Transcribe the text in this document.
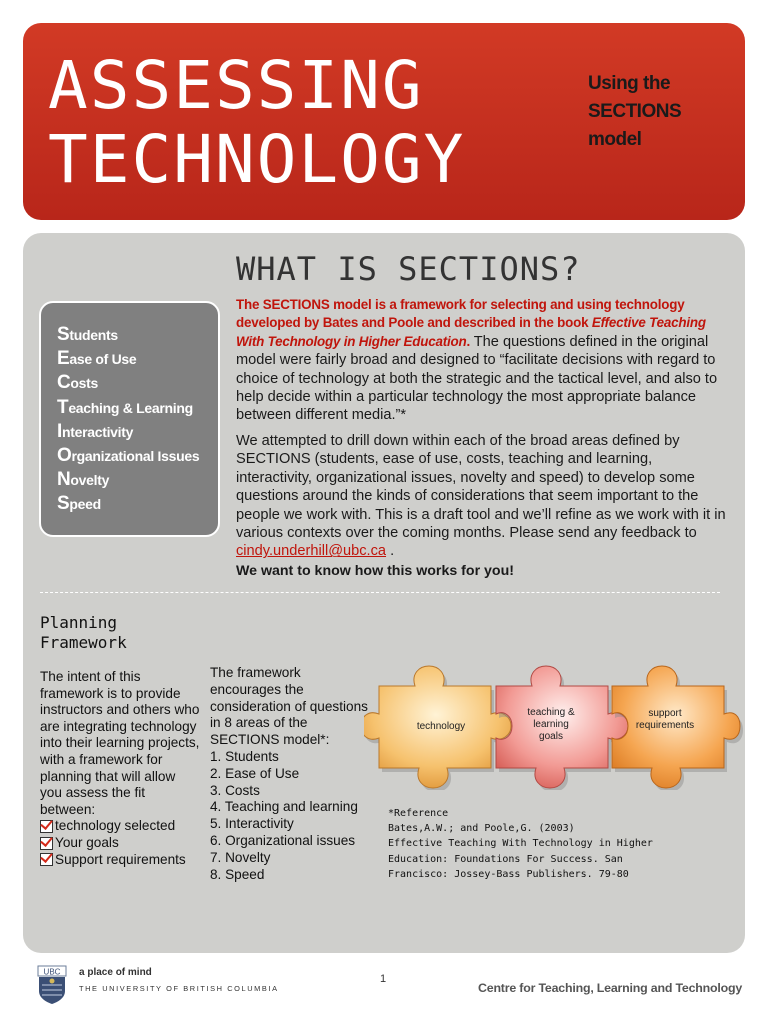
ASSESSING
TECHNOLOGY
Using the SECTIONS model
WHAT IS SECTIONS?
Students
Ease of Use
Costs
Teaching & Learning
Interactivity
Organizational Issues
Novelty
Speed
The SECTIONS model is a framework for selecting and using technology developed by Bates and Poole and described in the book Effective Teaching With Technology in Higher Education. The questions defined in the original model were fairly broad and designed to “facilitate decisions with regard to choice of technology at both the strategic and the tactical level, and also to help decide within a particular technology the most appropriate balance between different media.”*
We attempted to drill down within each of the broad areas defined by SECTIONS (students, ease of use, costs, teaching and learning, interactivity, organizational issues, novelty and speed) to develop some questions around the kinds of considerations that seem important to the people we work with. This is a draft tool and we’ll refine as we work with it in various contexts over the coming months. Please send any feedback to cindy.underhill@ubc.ca .
We want to know how this works for you!
Planning
Framework
The intent of this framework is to provide instructors and others who are integrating technology into their learning projects, with a framework for planning that will allow you assess the fit between:
technology selected
Your goals
Support requirements
The framework encourages the consideration of questions in 8 areas of the SECTIONS model*:
1. Students
2. Ease of Use
3. Costs
4. Teaching and learning
5. Interactivity
6. Organizational issues
7. Novelty
8. Speed
technology
teaching &
learning
goals
support
requirements
*Reference
Bates,A.W.; and Poole,G. (2003)
Effective Teaching With Technology in Higher
Education: Foundations For Success. San
Francisco: Jossey-Bass Publishers. 79-80
UBC a place of mind
THE UNIVERSITY OF BRITISH COLUMBIA
1
Centre for Teaching, Learning and Technology
